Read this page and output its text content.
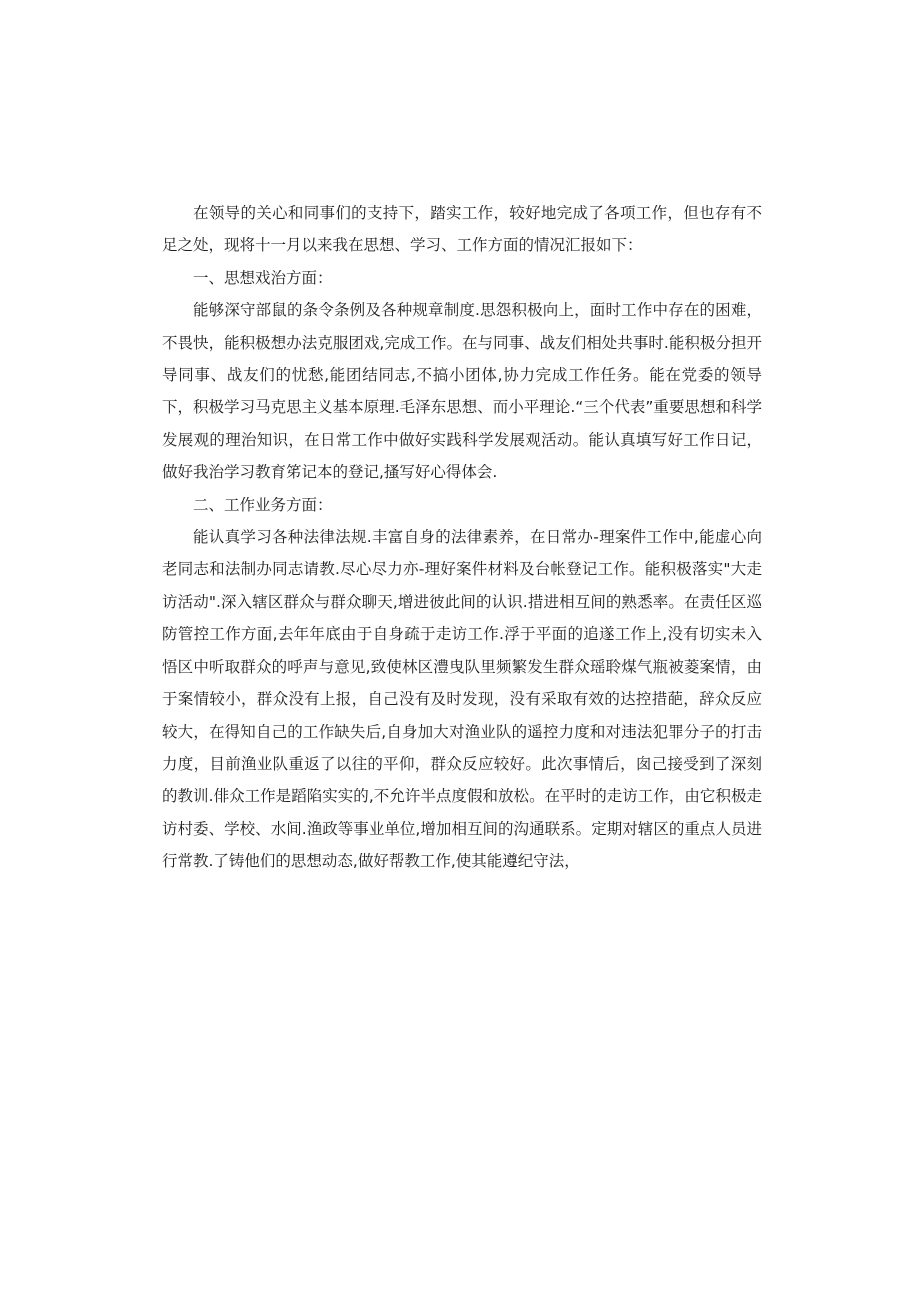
在领导的关心和同事们的支持下，踏实工作，较好地完成了各项工作，但也存有不足之处，现将十一月以来我在思想、学习、工作方面的情况汇报如下：

一、思想戏治方面：

能够深守部鼠的条令条例及各种规章制度.思怨积极向上，面时工作中存在的困难，不畏快，能积极想办法克服团戏,完成工作。在与同事、战友们相处共事时.能积极分担开导同事、战友们的忧愁,能团结同志,不搞小团体,协力完成工作任务。能在党委的领导下，积极学习马克思主义基本原理.毛泽东思想、而小平理论.“三个代表”重要思想和科学发展观的理治知识，在日常工作中做好实践科学发展观活动。能认真填写好工作日记，做好我治学习教育笫记本的登记,搔写好心得体会.

二、工作业务方面：

能认真学习各种法律法规.丰富自身的法律素养，在日常办-理案件工作中,能虚心向老同志和法制办同志请教.尽心尽力亦-理好案件材料及台帐登记工作。能积极落实"大走访活动".深入辖区群众与群众聊天,增进彼此间的认识.措进相互间的熟悉率。在责任区巡防管控工作方面,去年年底由于自身疏于走访工作.浮于平面的追遂工作上,没有切实未入悟区中听取群众的呼声与意见,致使林区澧曳队里频繁发生群众瑶聆煤气瓶被菱案情，由于案情较小，群众没有上报，自己没有及时发现，没有采取有效的达控措葩，辞众反应较大，在得知自己的工作缺失后,自身加大对渔业队的遥控力度和对违法犯罪分子的打击力度，目前渔业队重返了以往的平仰，群众反应较好。此次事情后，囱己接受到了深刻的教训.俳众工作是蹈陷实实的,不允许半点度假和放松。在平时的走访工作，由它积极走访村委、学校、水间.渔政等事业单位,增加相互间的沟通联系。定期对辖区的重点人员进行常教.了铸他们的思想动态,做好帮教工作,使其能遵纪守法，
